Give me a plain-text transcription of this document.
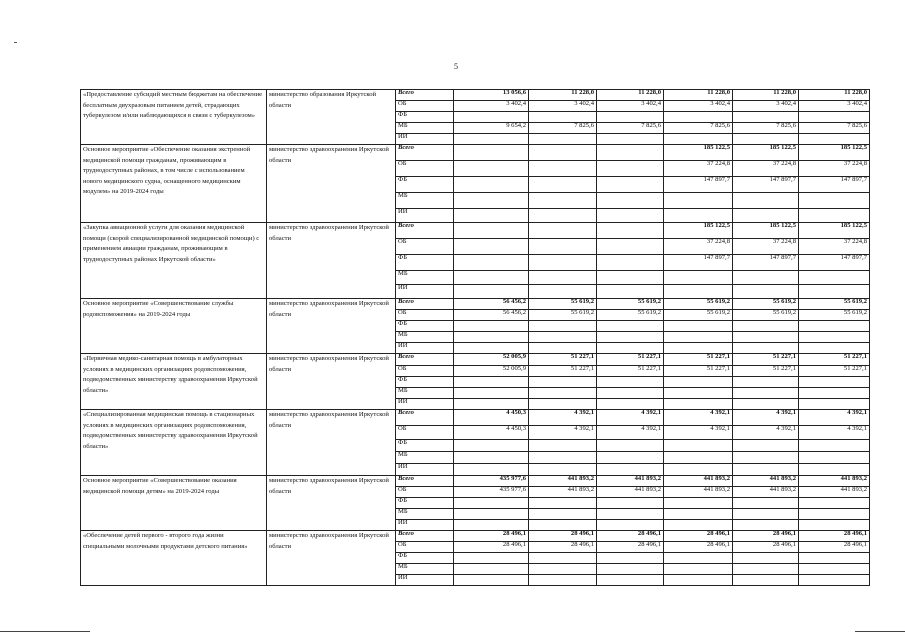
5
«Предоставление субсидий местным бюджетам на обеспечение бесплатным двухразовым питанием детей, страдающих туберкулезом и/или наблюдающихся в связи с туберкулезом»	министерство образования Иркутской области	Всего	13 056,6	11 228,0	11 228,0	11 228,0	11 228,0	11 228,0
		ОБ	3 402,4	3 402,4	3 402,4	3 402,4	3 402,4	3 402,4
		ФБ						
		МБ	9 654,2	7 825,6	7 825,6	7 825,6	7 825,6	7 825,6
		ИИ						
Основное мероприятие «Обеспечение оказания экстренной медицинской помощи гражданам, проживающим в труднодоступных районах, в том числе с использованием нового медицинского судна, оснащенного медицинским модулем» на 2019-2024 годы	министерство здравоохранения Иркутской области	Всего				185 122,5	185 122,5	185 122,5
		ОБ				37 224,8	37 224,8	37 224,8
		ФБ				147 897,7	147 897,7	147 897,7
		МБ						
		ИИ						
«Закупка авиационной услуги для оказания медицинской помощи (скорой специализированной медицинской помощи) с применением авиации гражданам, проживающим в труднодоступных районах Иркутской области»	министерство здравоохранения Иркутской области	Всего				185 122,5	185 122,5	185 122,5
		ОБ				37 224,8	37 224,8	37 224,8
		ФБ				147 897,7	147 897,7	147 897,7
		МБ						
		ИИ						
Основное мероприятие «Совершенствование службы родовспоможения» на 2019-2024 годы	министерство здравоохранения Иркутской области	Всего	56 456,2	55 619,2	55 619,2	55 619,2	55 619,2	55 619,2
		ОБ	56 456,2	55 619,2	55 619,2	55 619,2	55 619,2	55 619,2
		ФБ						
		МБ						
		ИИ						
«Первичная медико-санитарная помощь в амбулаторных условиях в медицинских организациях родовспоможения, подведомственных министерству здравоохранения Иркутской области»	министерство здравоохранения Иркутской области	Всего	52 005,9	51 227,1	51 227,1	51 227,1	51 227,1	51 227,1
		ОБ	52 005,9	51 227,1	51 227,1	51 227,1	51 227,1	51 227,1
		ФБ						
		МБ						
		ИИ						
«Специализированная медицинская помощь в стационарных условиях в медицинских организациях родовспоможения, подведомственных министерству здравоохранения Иркутской области»	министерство здравоохранения Иркутской области	Всего	4 450,3	4 392,1	4 392,1	4 392,1	4 392,1	4 392,1
		ОБ	4 450,3	4 392,1	4 392,1	4 392,1	4 392,1	4 392,1
		ФБ						
		МБ						
		ИИ						
Основное мероприятие «Совершенствование оказания медицинской помощи детям» на 2019-2024 годы	министерство здравоохранения Иркутской области	Всего	435 977,6	441 893,2	441 893,2	441 893,2	441 893,2	441 893,2
		ОБ	435 977,6	441 893,2	441 893,2	441 893,2	441 893,2	441 893,2
		ФБ						
		МБ						
		ИИ						
«Обеспечение детей первого - второго года жизни специальными молочными продуктами детского питания»	министерство здравоохранения Иркутской области	Всего	28 496,1	28 496,1	28 496,1	28 496,1	28 496,1	28 496,1
		ОБ	28 496,1	28 496,1	28 496,1	28 496,1	28 496,1	28 496,1
		ФБ						
		МБ						
		ИИ						
